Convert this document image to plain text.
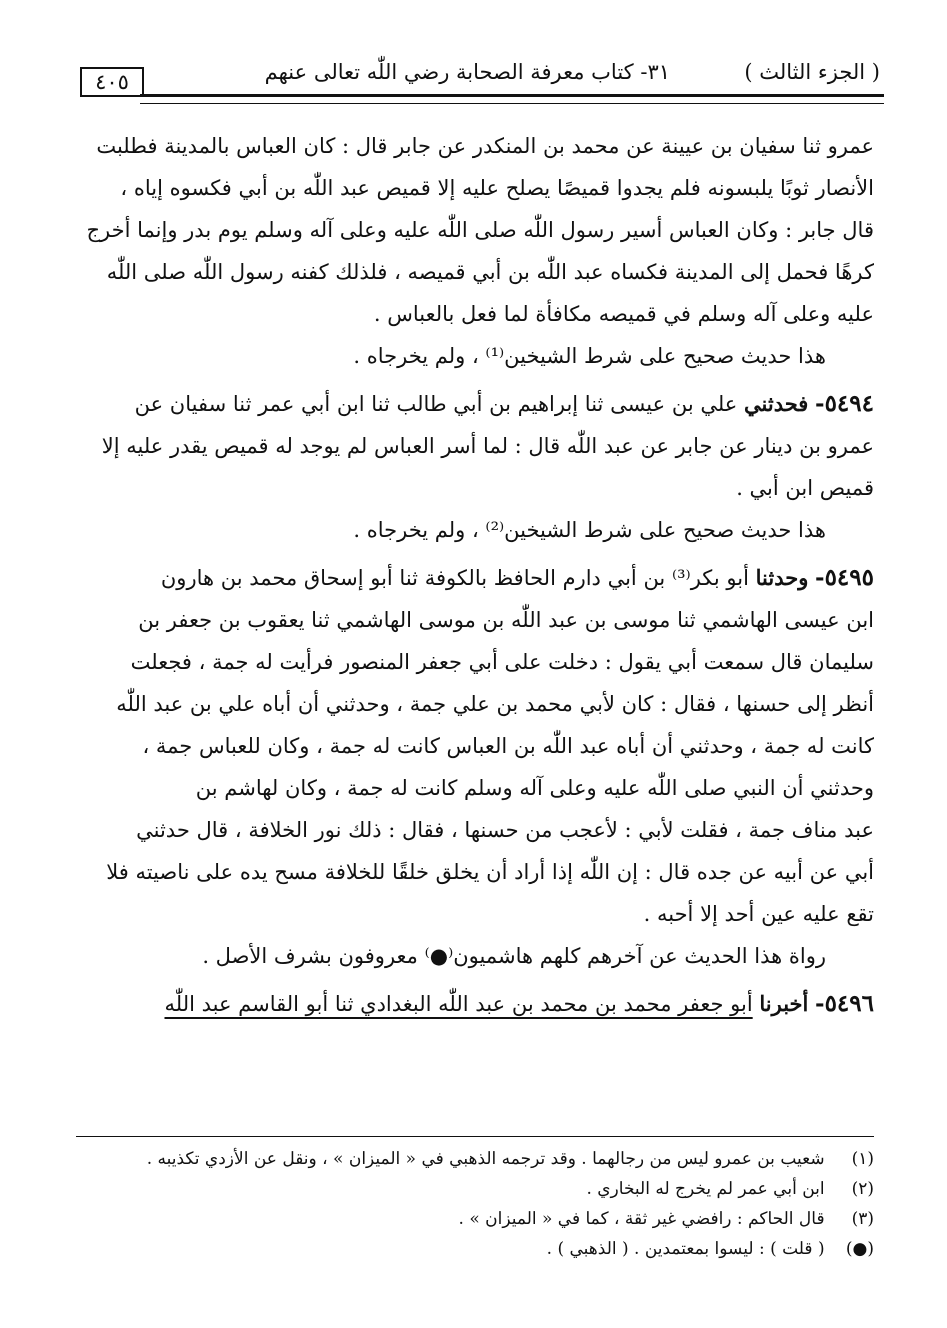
( الجزء الثالث )
٣١- كتاب معرفة الصحابة رضي اللّٰه تعالى عنهم
٤٠٥
عمرو ثنا سفيان بن عيينة عن محمد بن المنكدر عن جابر قال : كان العباس بالمدينة فطلبت
الأنصار ثوبًا يلبسونه فلم يجدوا قميصًا يصلح عليه إلا قميص عبد اللّٰه بن أبي فكسوه إياه ،
قال جابر : وكان العباس أسير رسول اللّٰه صلى اللّٰه عليه وعلى آله وسلم يوم بدر وإنما أخرج
كرهًا فحمل إلى المدينة فكساه عبد اللّٰه بن أبي قميصه ، فلذلك كفنه رسول اللّٰه صلى اللّٰه
عليه وعلى آله وسلم في قميصه مكافأة لما فعل بالعباس .
هذا حديث صحيح على شرط الشيخين⁽¹⁾ ، ولم يخرجاه .
٥٤٩٤- فحدثني علي بن عيسى ثنا إبراهيم بن أبي طالب ثنا ابن أبي عمر ثنا سفيان عن
عمرو بن دينار عن جابر عن عبد اللّٰه قال : لما أسر العباس لم يوجد له قميص يقدر عليه إلا
قميص ابن أبي .
هذا حديث صحيح على شرط الشيخين⁽²⁾ ، ولم يخرجاه .
٥٤٩٥- وحدثنا أبو بكر⁽³⁾ بن أبي دارم الحافظ بالكوفة ثنا أبو إسحاق محمد بن هارون
ابن عيسى الهاشمي ثنا موسى بن عبد اللّٰه بن موسى الهاشمي ثنا يعقوب بن جعفر بن
سليمان قال سمعت أبي يقول : دخلت على أبي جعفر المنصور فرأيت له جمة ، فجعلت
أنظر إلى حسنها ، فقال : كان لأبي محمد بن علي جمة ، وحدثني أن أباه علي بن عبد اللّٰه
كانت له جمة ، وحدثني أن أباه عبد اللّٰه بن العباس كانت له جمة ، وكان للعباس جمة ،
وحدثني أن النبي صلى اللّٰه عليه وعلى آله وسلم كانت له جمة ، وكان لهاشم بن
عبد مناف جمة ، فقلت لأبي : لأعجب من حسنها ، فقال : ذلك نور الخلافة ، قال حدثني
أبي عن أبيه عن جده قال : إن اللّٰه إذا أراد أن يخلق خلقًا للخلافة مسح يده على ناصيته فلا
تقع عليه عين أحد إلا أحبه .
رواة هذا الحديث عن آخرهم كلهم هاشميون⁽●⁾ معروفون بشرف الأصل .
٥٤٩٦- أخبرنا أبو جعفر محمد بن محمد بن عبد اللّٰه البغدادي ثنا أبو القاسم عبد اللّٰه
(١) شعيب بن عمرو ليس من رجالهما . وقد ترجمه الذهبي في « الميزان » ، ونقل عن الأزدي تكذيبه .
(٢) ابن أبي عمر لم يخرج له البخاري .
(٣) قال الحاكم : رافضي غير ثقة ، كما في « الميزان » .
(●) ( قلت ) : ليسوا بمعتمدين . ( الذهبي ) .
